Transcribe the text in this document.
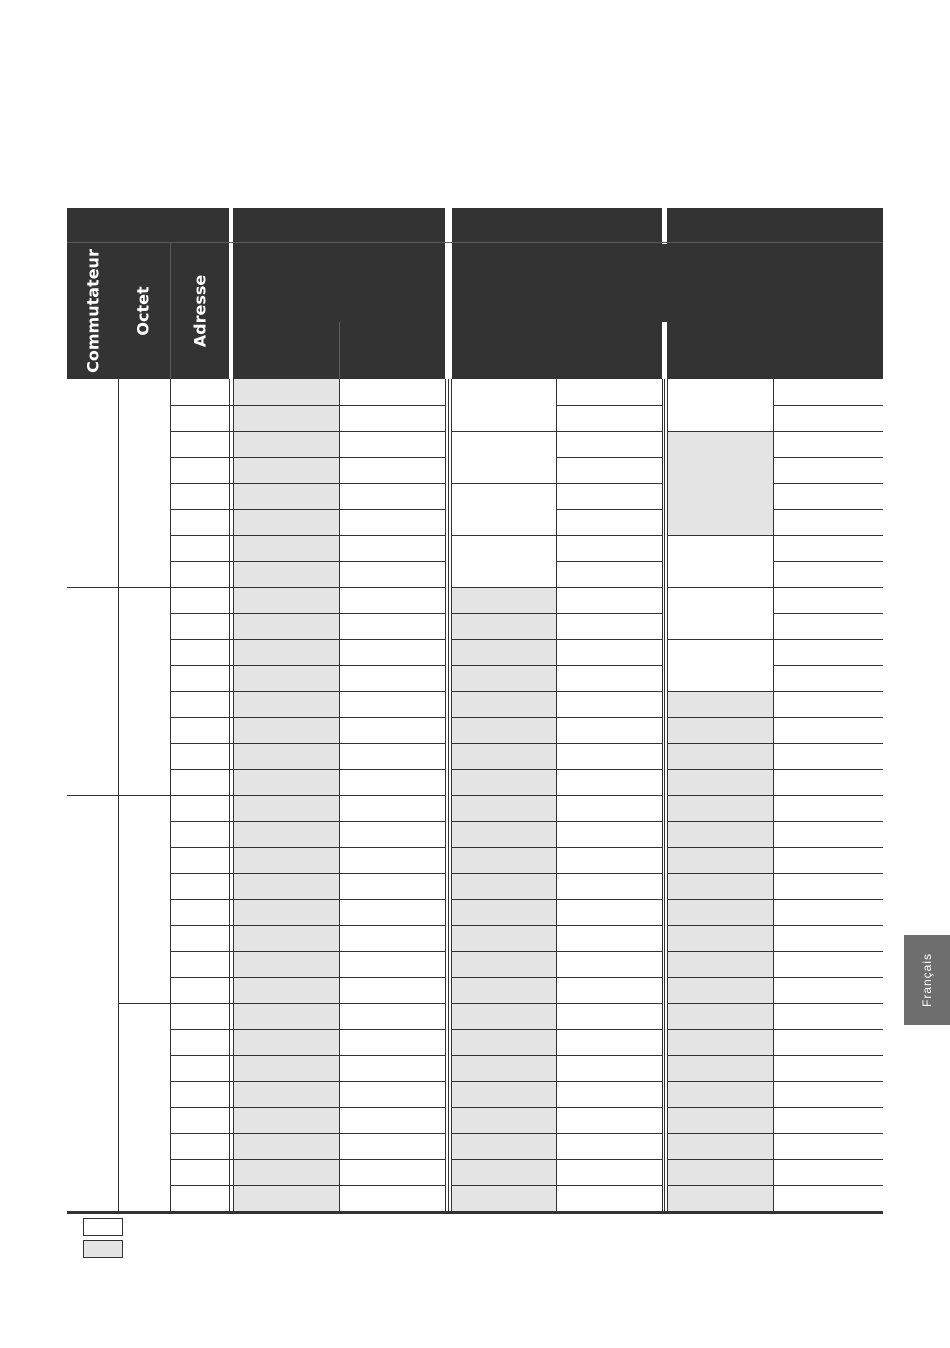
Commutateur Octet Adresse
Français
